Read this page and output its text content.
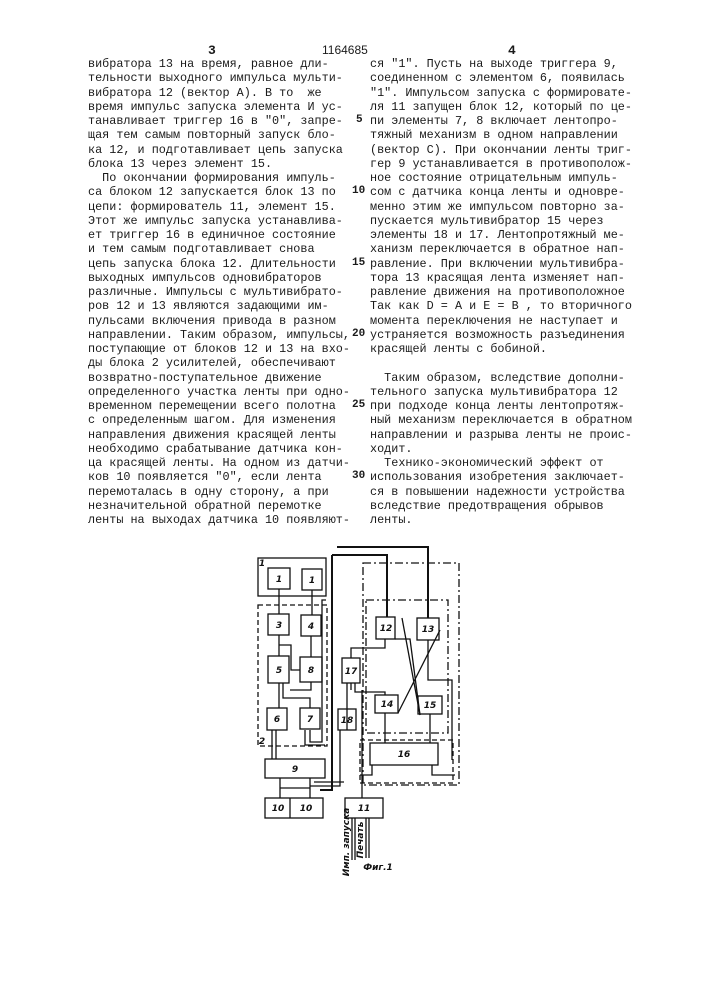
3	1164685	4
вибратора 13 на время, равное дли-
тельности выходного импульса мульти-
вибратора 12 (вектор A). В то  же
время импульс запуска элемента И ус-
танавливает триггер 16 в "0", запре-
щая тем самым повторный запуск бло-
ка 12, и подготавливает цепь запуска
блока 13 через элемент 15.
По окончании формирования импуль-
са блоком 12 запускается блок 13 по
цепи: формирователь 11, элемент 15.
Этот же импульс запуска устанавлива-
ет триггер 16 в единичное состояние
и тем самым подготавливает снова
цепь запуска блока 12. Длительности
выходных импульсов одновибраторов
различные. Импульсы с мультивибрато-
ров 12 и 13 являются задающими им-
пульсами включения привода в разном
направлении. Таким образом, импульсы,
поступающие от блоков 12 и 13 на вхо-
ды блока 2 усилителей, обеспечивают
возвратно-поступательное движение
определенного участка ленты при одно-
временном перемещении всего полотна
с определенным шагом. Для изменения
направления движения красящей ленты
необходимо срабатывание датчика кон-
ца красящей ленты. На одном из датчи-
ков 10 появляется "0", если лента
перемоталась в одну сторону, а при
незначительной обратной перемотке
ленты на выходах датчика 10 появляют-
ся "1". Пусть на выходе триггера 9,
соединенном с элементом 6, появилась
"1". Импульсом запуска с формировате-
ля 11 запущен блок 12, который по це-
пи элементы 7, 8 включает лентопро-
тяжный механизм в одном направлении
(вектор C). При окончании ленты триг-
гер 9 устанавливается в противополож-
ное состояние отрицательным импуль-
сом с датчика конца ленты и одновре-
менно этим же импульсом повторно за-
пускается мультивибратор 15 через
элементы 18 и 17. Лентопротяжный ме-
ханизм переключается в обратное нап-
равление. При включении мультивибра-
тора 13 красящая лента изменяет нап-
равление движения на противоположное
Так как D = A и E = B , то вторичного
момента переключения не наступает и
устраняется возможность разъединения
красящей ленты с бобиной.
Таким образом, вследствие дополни-
тельного запуска мультивибратора 12
при подходе конца ленты лентопротяж-
ный механизм переключается в обратном
направлении и разрыва ленты не проис-
ходит.
Технико-экономический эффект от
использования изобретения заключает-
ся в повышении надежности устройства
вследствие предотвращения обрывов
ленты.
5
10
15
20
25
30
1	1
3	4
5	8
6	7
9
10 10	11
12	13
14	15
16
17
18
1
2
Имп. запуска Печать
Фиг.1
